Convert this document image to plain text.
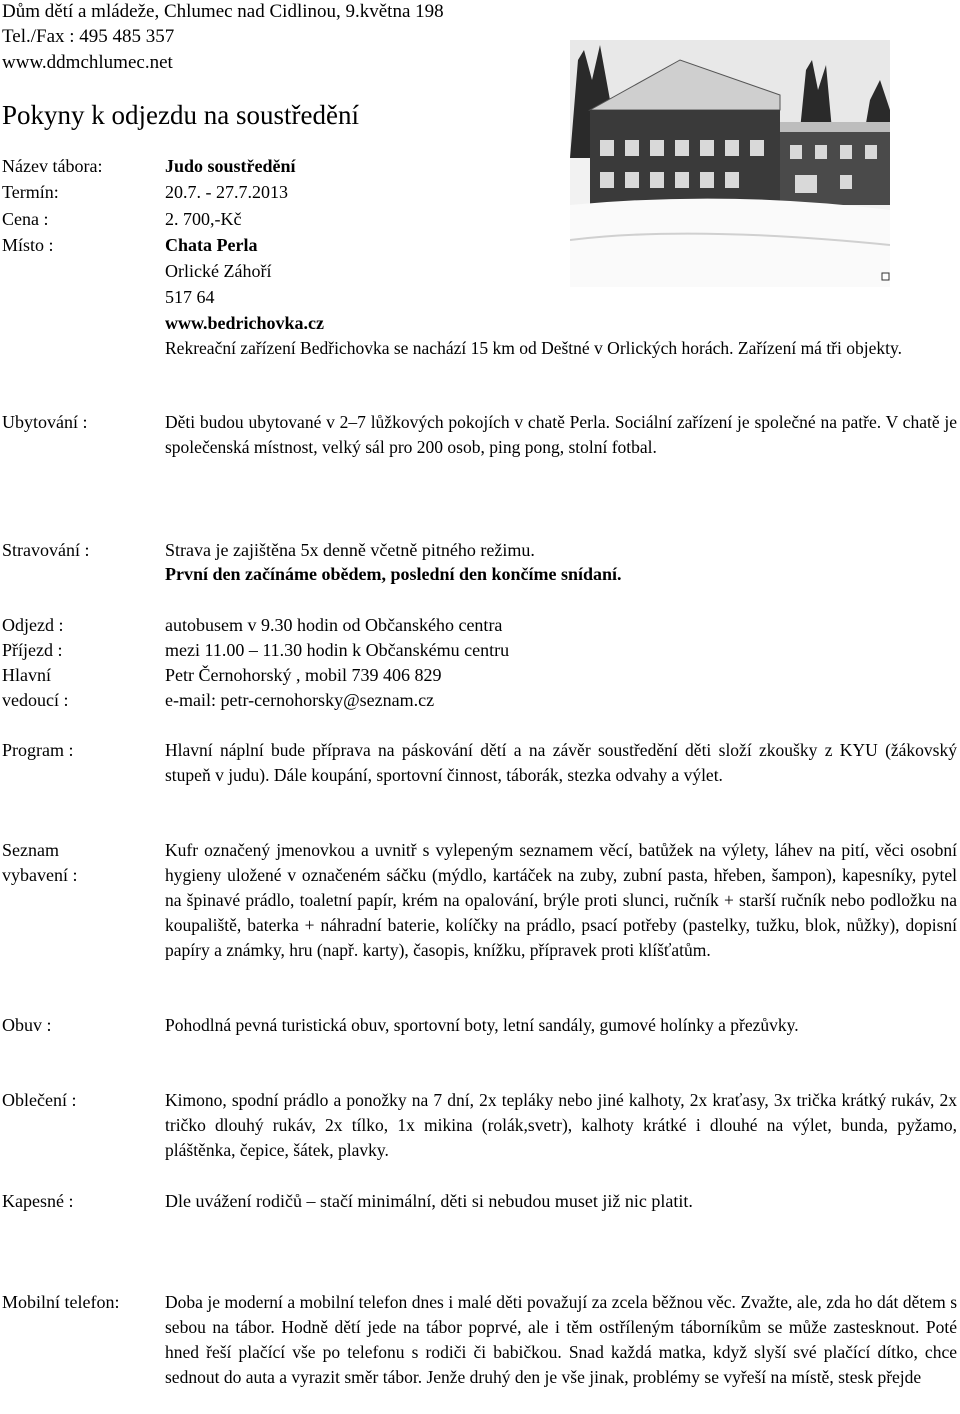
Dům dětí a mládeže, Chlumec nad Cidlinou, 9.května 198
Tel./Fax : 495 485 357
www.ddmchlumec.net
Pokyny k odjezdu na soustředění
Název tábora:	Judo soustředění
Termín:	20.7. - 27.7.2013
Cena :	2. 700,-Kč
Místo :	Chata Perla
Orlické Záhoří
517 64
www.bedrichovka.cz
Rekreační zařízení Bedřichovka se nachází 15 km od Deštné v Orlických horách. Zařízení má tři objekty.
Ubytování :	Děti budou ubytované v 2–7 lůžkových pokojích v chatě Perla. Sociální zařízení je společné na patře. V chatě je společenská místnost, velký sál pro 200 osob, ping pong, stolní fotbal.
Stravování :	Strava je zajištěna 5x denně včetně pitného režimu.
První den začínáme obědem, poslední den končíme snídaní.
Odjezd :	autobusem v 9.30 hodin od Občanského centra
Příjezd :	mezi 11.00 – 11.30 hodin k Občanskému centru
Hlavní	Petr Černohorský , mobil 739 406 829
vedoucí :	e-mail: petr-cernohorsky@seznam.cz
Program :	Hlavní náplní bude příprava na páskování dětí a na závěr soustředění děti složí zkoušky z KYU (žákovský stupeň v judu). Dále koupání, sportovní činnost, táborák, stezka odvahy a výlet.
Seznam
vybavení :
Kufr označený jmenovkou a uvnitř s vylepeným seznamem věcí, batůžek na výlety, láhev na pití, věci osobní hygieny uložené v označeném sáčku (mýdlo, kartáček na zuby, zubní pasta, hřeben, šampon), kapesníky, pytel na špinavé prádlo, toaletní papír, krém na opalování, brýle proti slunci, ručník + starší ručník nebo podložku na koupaliště, baterka + náhradní baterie, kolíčky na prádlo, psací potřeby (pastelky, tužku, blok, nůžky), dopisní papíry a známky, hru (např. karty), časopis, knížku, přípravek proti klíšťatům.
Obuv :	Pohodlná pevná turistická obuv, sportovní boty, letní sandály, gumové holínky a přezůvky.
Oblečení :	Kimono, spodní prádlo a ponožky na 7 dní, 2x tepláky nebo jiné kalhoty, 2x kraťasy, 3x trička krátký rukáv, 2x tričko dlouhý rukáv, 2x tílko, 1x mikina (rolák,svetr), kalhoty krátké i dlouhé na výlet, bunda, pyžamo, pláštěnka, čepice, šátek, plavky.
Kapesné :	Dle uvážení rodičů – stačí minimální, děti si nebudou muset již nic platit.
Mobilní telefon:	Doba je moderní a mobilní telefon dnes i malé děti považují za zcela běžnou věc. Zvažte, ale, zda ho dát dětem s sebou na tábor. Hodně dětí jede na tábor poprvé, ale i těm ostříleným táborníkům se může zastesknout. Poté hned řeší plačící vše po telefonu s rodiči či babičkou. Snad každá matka, když slyší své plačící dítko, chce sednout do auta a vyrazit směr tábor. Jenže druhý den je vše jinak, problémy se vyřeší na místě, stesk přejde
